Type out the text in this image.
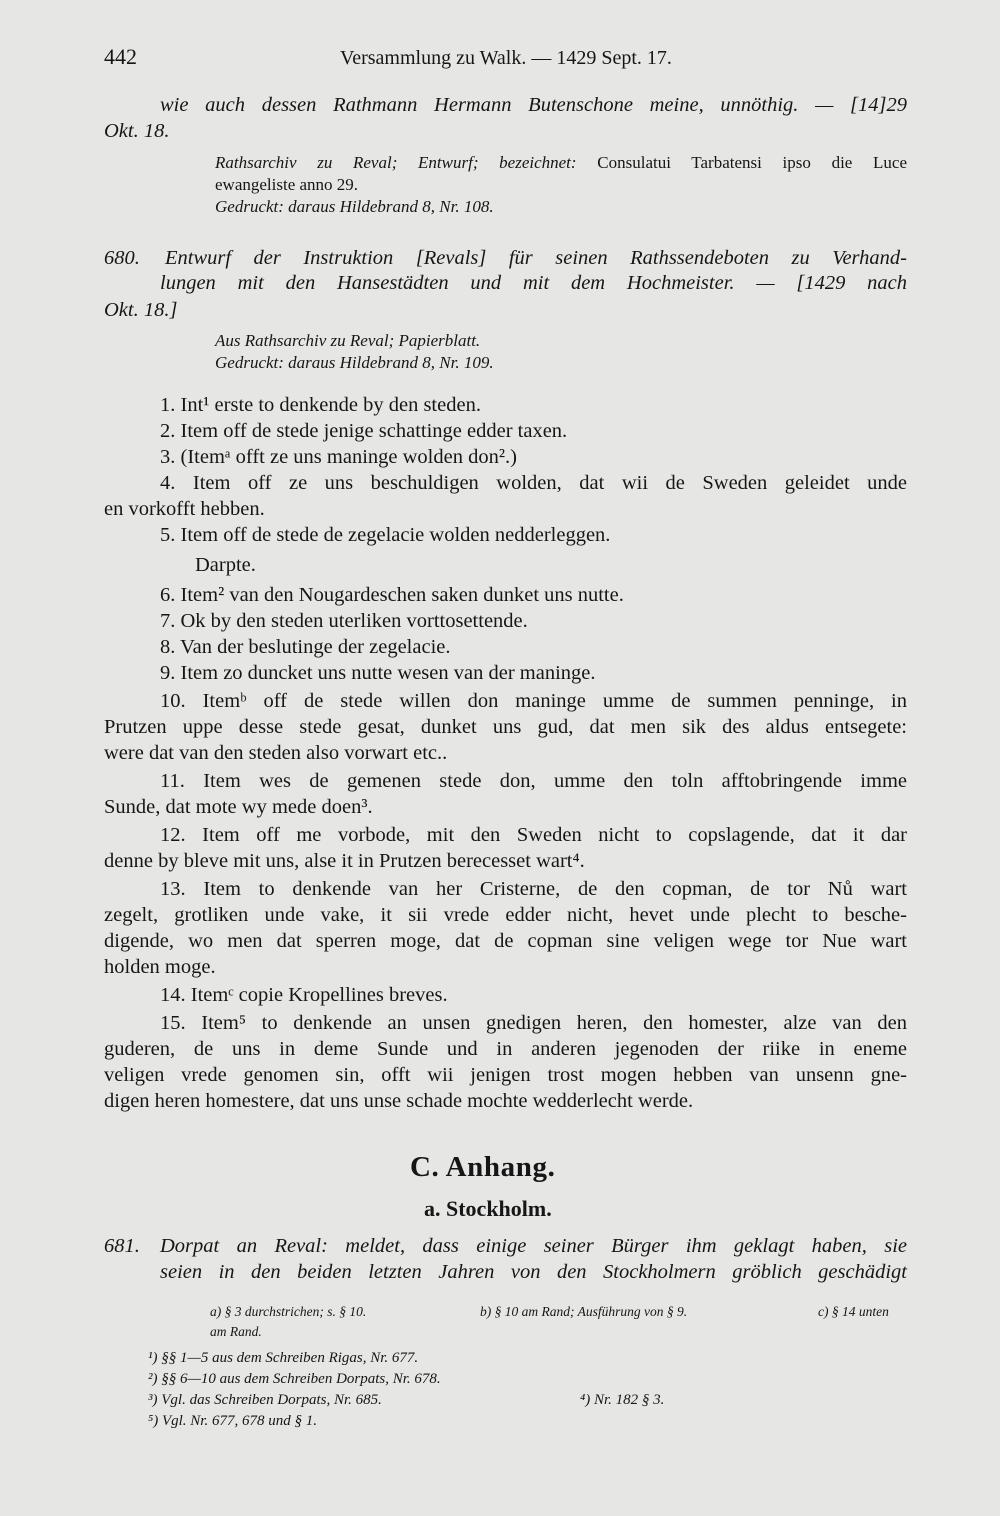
442	Versammlung zu Walk. — 1429 Sept. 17.
wie auch dessen Rathmann Hermann Butenschone meine, unnöthig. — [14]29
Okt. 18.
Rathsarchiv zu Reval; Entwurf; bezeichnet: Consulatui Tarbatensi ipso die Luce
ewangeliste anno 29.
Gedruckt: daraus Hildebrand 8, Nr. 108.
680. Entwurf der Instruktion [Revals] für seinen Rathssendeboten zu Verhand-
lungen mit den Hansestädten und mit dem Hochmeister. — [1429 nach
Okt. 18.]
Aus Rathsarchiv zu Reval; Papierblatt.
Gedruckt: daraus Hildebrand 8, Nr. 109.
1. Int¹ erste to denkende by den steden.
2. Item off de stede jenige schattinge edder taxen.
3. (Itemᵃ offt ze uns maninge wolden don².)
4. Item off ze uns beschuldigen wolden, dat wii de Sweden geleidet unde
en vorkofft hebben.
5. Item off de stede de zegelacie wolden nedderleggen.
Darpte.
6. Item² van den Nougardeschen saken dunket uns nutte.
7. Ok by den steden uterliken vorttosettende.
8. Van der beslutinge der zegelacie.
9. Item zo duncket uns nutte wesen van der maninge.
10. Itemᵇ off de stede willen don maninge umme de summen penninge, in
Prutzen uppe desse stede gesat, dunket uns gud, dat men sik des aldus entsegete:
were dat van den steden also vorwart etc..
11. Item wes de gemenen stede don, umme den toln afftobringende imme
Sunde, dat mote wy mede doen³.
12. Item off me vorbode, mit den Sweden nicht to copslagende, dat it dar
denne by bleve mit uns, alse it in Prutzen berecesset wart⁴.
13. Item to denkende van her Cristerne, de den copman, de tor Nů wart
zegelt, grotliken unde vake, it sii vrede edder nicht, hevet unde plecht to besche-
digende, wo men dat sperren moge, dat de copman sine veligen wege tor Nue wart
holden moge.
14. Itemᶜ copie Kropellines breves.
15. Item⁵ to denkende an unsen gnedigen heren, den homester, alze van den
guderen, de uns in deme Sunde und in anderen jegenoden der riike in eneme
veligen vrede genomen sin, offt wii jenigen trost mogen hebben van unsenn gne-
digen heren homestere, dat uns unse schade mochte wedderlecht werde.
C. Anhang.
a. Stockholm.
681. Dorpat an Reval: meldet, dass einige seiner Bürger ihm geklagt haben, sie
seien in den beiden letzten Jahren von den Stockholmern gröblich geschädigt
a) § 3 durchstrichen; s. § 10.	b) § 10 am Rand; Ausführung von § 9.	c) § 14 unten
am Rand.
¹) §§ 1—5 aus dem Schreiben Rigas, Nr. 677.
²) §§ 6—10 aus dem Schreiben Dorpats, Nr. 678.
³) Vgl. das Schreiben Dorpats, Nr. 685.	⁴) Nr. 182 § 3.
⁵) Vgl. Nr. 677, 678 und § 1.
